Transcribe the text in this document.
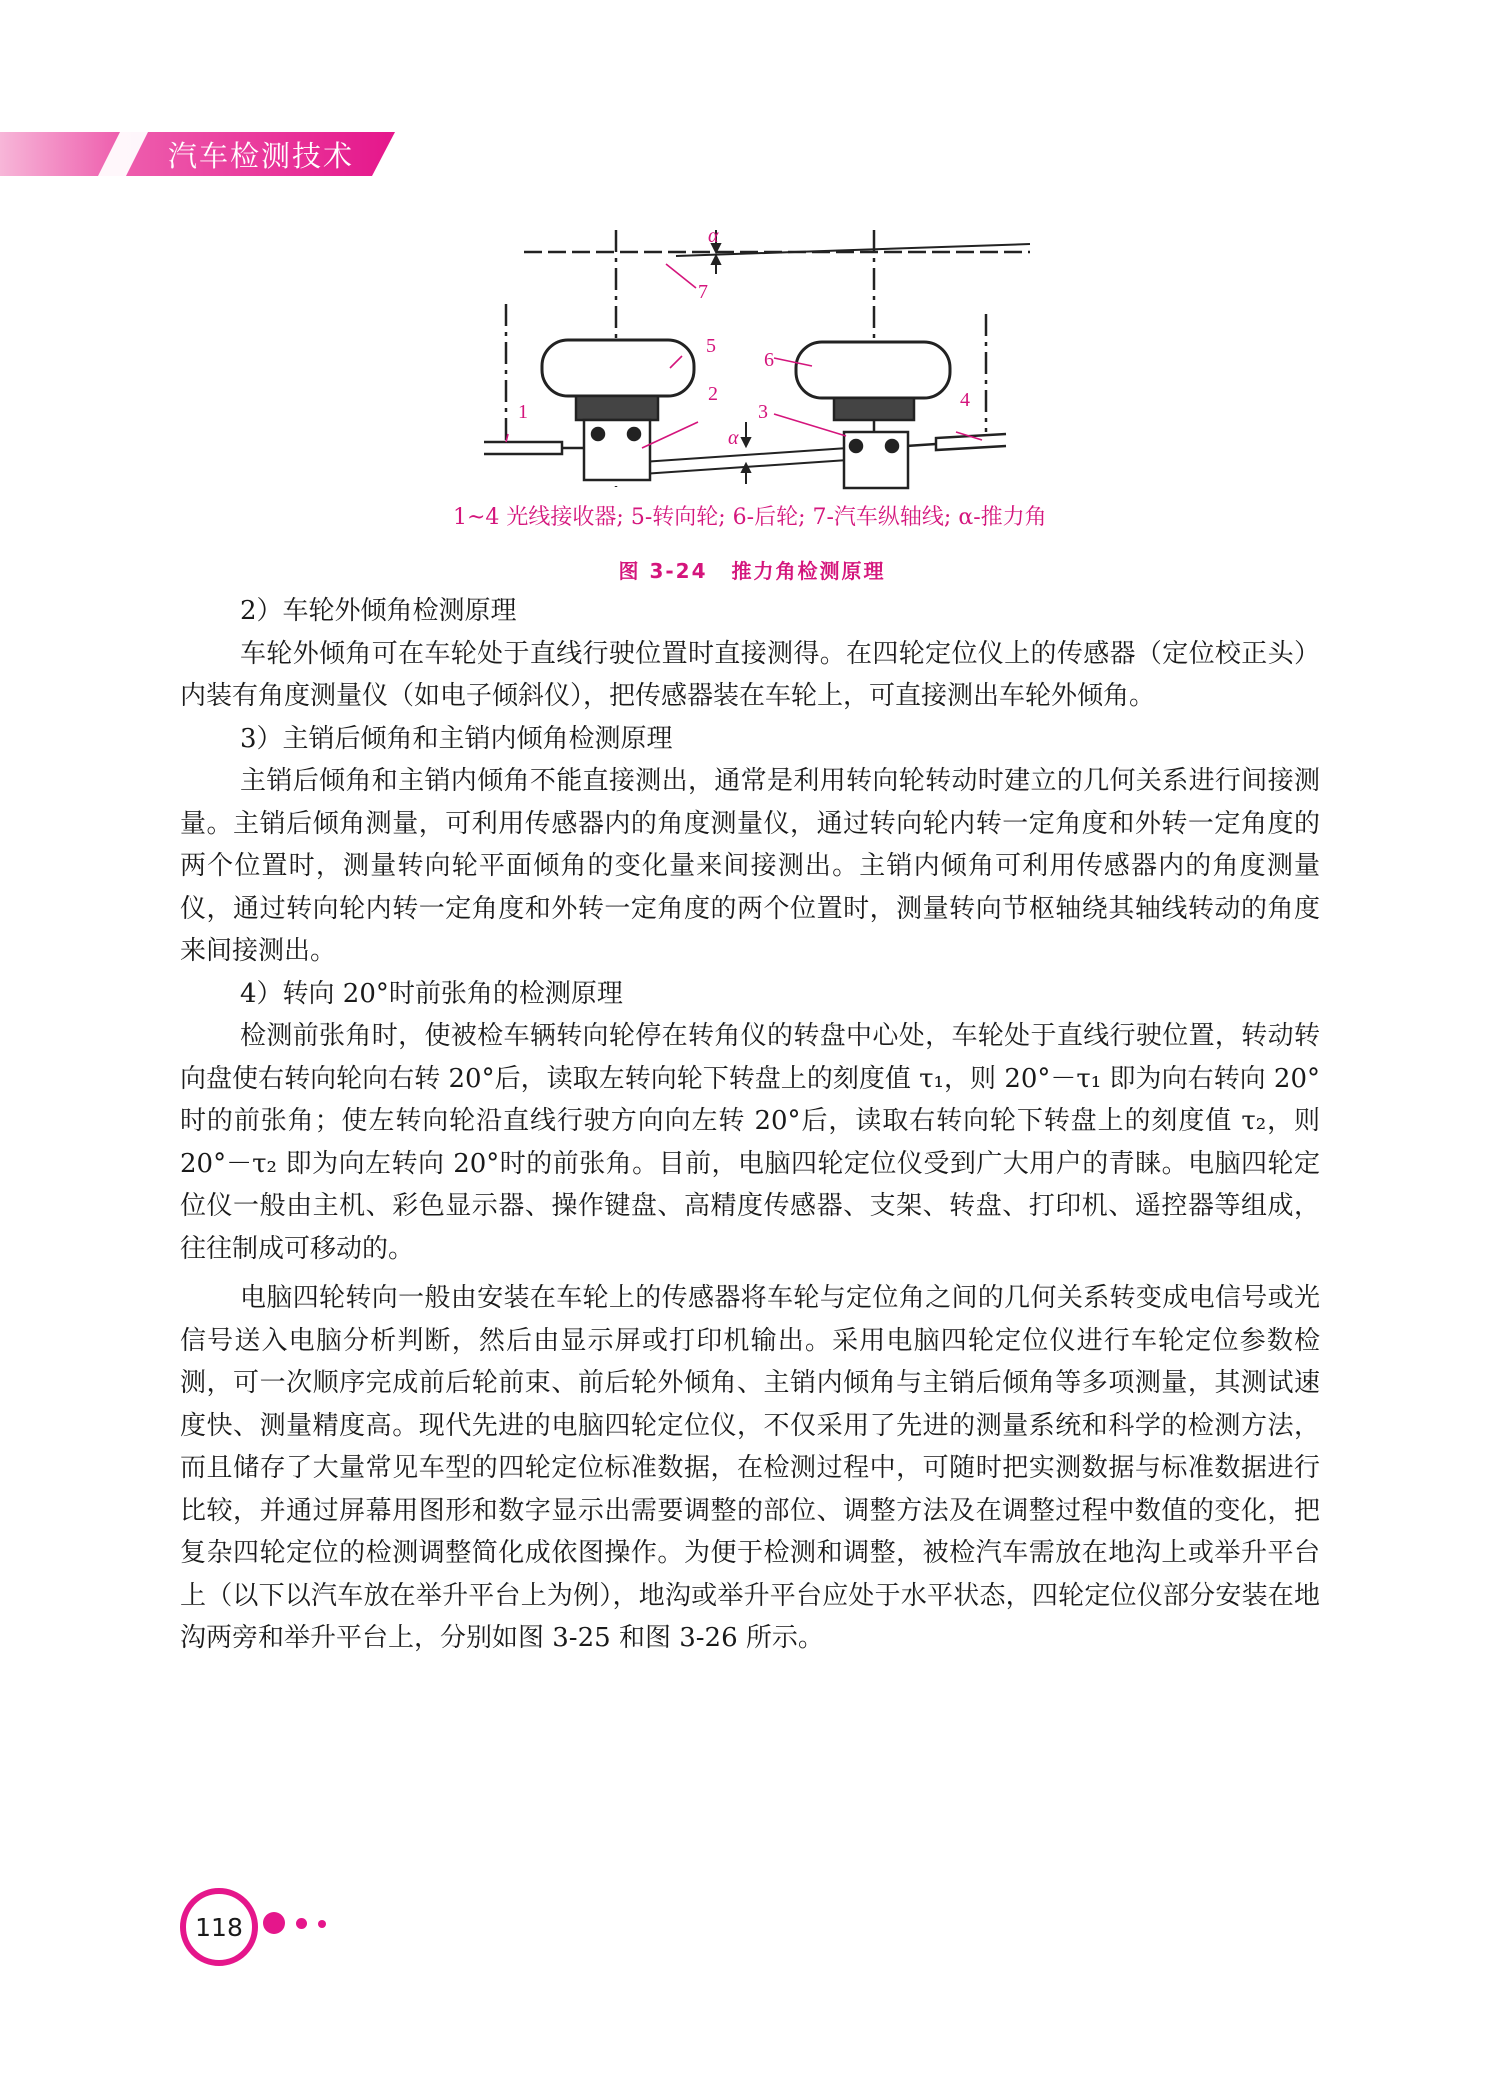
汽车检测技术
7
α
5
2
3
6
4
1
α
1~4 光线接收器; 5-转向轮; 6-后轮; 7-汽车纵轴线; α-推力角
图 3-24 推力角检测原理

2）车轮外倾角检测原理

车轮外倾角可在车轮处于直线行驶位置时直接测得。在四轮定位仪上的传感器（定位校正头）内装有角度测量仪（如电子倾斜仪），把传感器装在车轮上，可直接测出车轮外倾角。

3）主销后倾角和主销内倾角检测原理

主销后倾角和主销内倾角不能直接测出，通常是利用转向轮转动时建立的几何关系进行间接测量。主销后倾角测量，可利用传感器内的角度测量仪，通过转向轮内转一定角度和外转一定角度的两个位置时，测量转向轮平面倾角的变化量来间接测出。主销内倾角可利用传感器内的角度测量仪，通过转向轮内转一定角度和外转一定角度的两个位置时，测量转向节枢轴绕其轴线转动的角度来间接测出。

4）转向 20°时前张角的检测原理

检测前张角时，使被检车辆转向轮停在转角仪的转盘中心处，车轮处于直线行驶位置，转动转向盘使右转向轮向右转 20°后，读取左转向轮下转盘上的刻度值 τ₁，则 20°－τ₁ 即为向右转向 20°时的前张角；使左转向轮沿直线行驶方向向左转 20°后，读取右转向轮下转盘上的刻度值 τ₂，则 20°－τ₂ 即为向左转向 20°时的前张角。目前，电脑四轮定位仪受到广大用户的青睐。电脑四轮定位仪一般由主机、彩色显示器、操作键盘、高精度传感器、支架、转盘、打印机、遥控器等组成，往往制成可移动的。

电脑四轮转向一般由安装在车轮上的传感器将车轮与定位角之间的几何关系转变成电信号或光信号送入电脑分析判断，然后由显示屏或打印机输出。采用电脑四轮定位仪进行车轮定位参数检测，可一次顺序完成前后轮前束、前后轮外倾角、主销内倾角与主销后倾角等多项测量，其测试速度快、测量精度高。现代先进的电脑四轮定位仪，不仅采用了先进的测量系统和科学的检测方法，而且储存了大量常见车型的四轮定位标准数据，在检测过程中，可随时把实测数据与标准数据进行比较，并通过屏幕用图形和数字显示出需要调整的部位、调整方法及在调整过程中数值的变化，把复杂四轮定位的检测调整简化成依图操作。为便于检测和调整，被检汽车需放在地沟上或举升平台上（以下以汽车放在举升平台上为例），地沟或举升平台应处于水平状态，四轮定位仪部分安装在地沟两旁和举升平台上，分别如图 3-25 和图 3-26 所示。

118
